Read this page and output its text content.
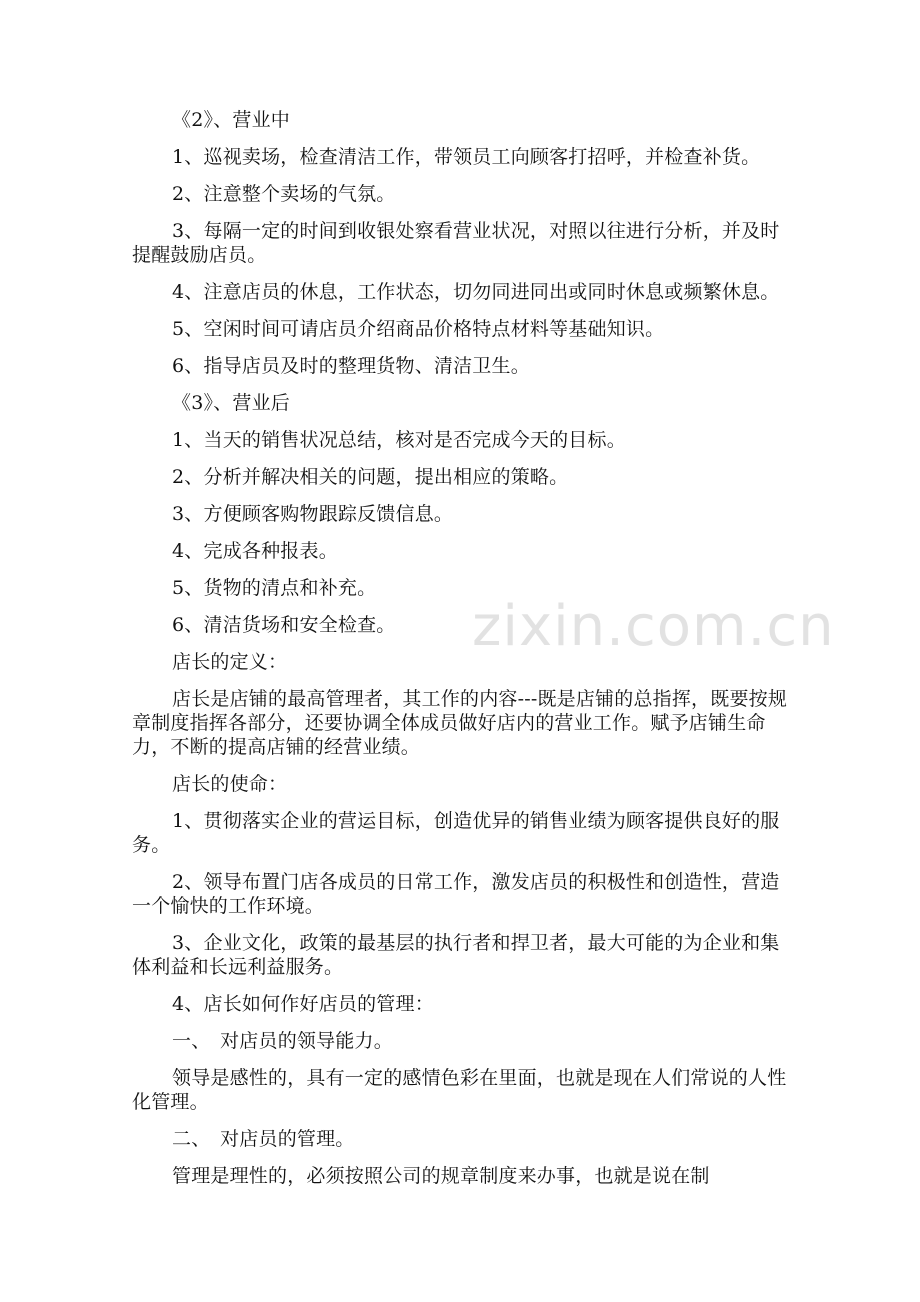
《2》、营业中

1、巡视卖场，检查清洁工作，带领员工向顾客打招呼，并检查补货。

2、注意整个卖场的气氛。

3、每隔一定的时间到收银处察看营业状况，对照以往进行分析，并及时提醒鼓励店员。

4、注意店员的休息，工作状态，切勿同进同出或同时休息或频繁休息。

5、空闲时间可请店员介绍商品价格特点材料等基础知识。

6、指导店员及时的整理货物、清洁卫生。

《3》、营业后

1、当天的销售状况总结，核对是否完成今天的目标。

2、分析并解决相关的问题，提出相应的策略。

3、方便顾客购物跟踪反馈信息。

4、完成各种报表。

5、货物的清点和补充。

6、清洁货场和安全检查。

店长的定义：

店长是店铺的最高管理者，其工作的内容---既是店铺的总指挥，既要按规章制度指挥各部分，还要协调全体成员做好店内的营业工作。赋予店铺生命力，不断的提高店铺的经营业绩。

店长的使命：

1、贯彻落实企业的营运目标，创造优异的销售业绩为顾客提供良好的服务。

2、领导布置门店各成员的日常工作，激发店员的积极性和创造性，营造一个愉快的工作环境。

3、企业文化，政策的最基层的执行者和捍卫者，最大可能的为企业和集体利益和长远利益服务。

4、店长如何作好店员的管理：

一、　对店员的领导能力。

领导是感性的，具有一定的感情色彩在里面，也就是现在人们常说的人性化管理。

二、　对店员的管理。

管理是理性的，必须按照公司的规章制度来办事，也就是说在制

zixin.com.cn
